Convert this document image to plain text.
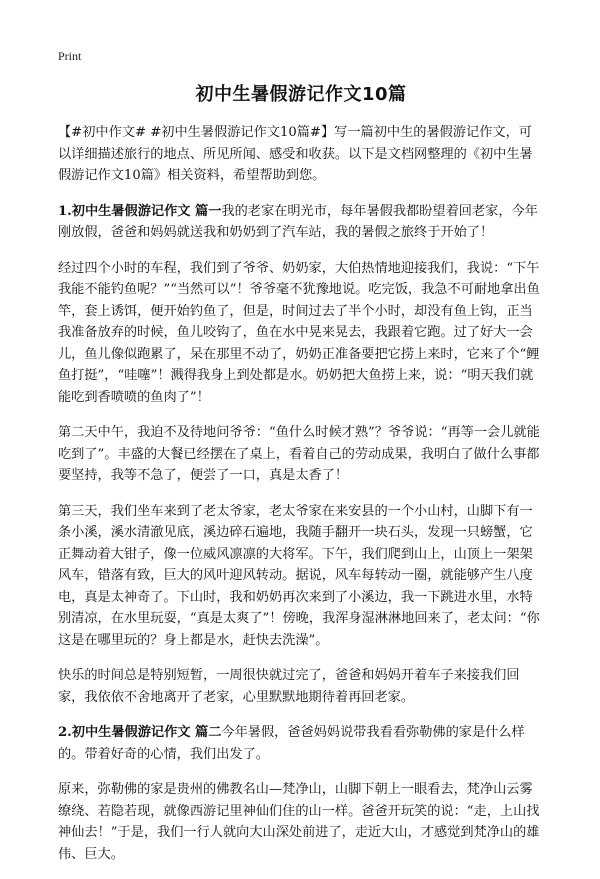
Print
初中生暑假游记作文10篇

【#初中作文# #初中生暑假游记作文10篇#】写一篇初中生的暑假游记作文，可以详细描述旅行的地点、所见所闻、感受和收获。以下是文档网整理的《初中生暑假游记作文10篇》相关资料，希望帮助到您。

1.初中生暑假游记作文 篇一我的老家在明光市，每年暑假我都盼望着回老家，今年刚放假，爸爸和妈妈就送我和奶奶到了汽车站，我的暑假之旅终于开始了！

经过四个小时的车程，我们到了爷爷、奶奶家，大伯热情地迎接我们，我说：“下午我能不能钓鱼呢？”“当然可以”！爷爷毫不犹豫地说。吃完饭，我急不可耐地拿出鱼竿，套上诱饵，便开始钓鱼了，但是，时间过去了半个小时，却没有鱼上钩，正当我准备放弃的时候，鱼儿咬钩了，鱼在水中晃来晃去，我跟着它跑。过了好大一会儿，鱼儿像似跑累了，呆在那里不动了，奶奶正准备要把它捞上来时，它来了个“鲤鱼打挺”，“哇噻”！溅得我身上到处都是水。奶奶把大鱼捞上来，说：“明天我们就能吃到香喷喷的鱼肉了”！

第二天中午，我迫不及待地问爷爷：“鱼什么时候才熟”？爷爷说：“再等一会儿就能吃到了”。丰盛的大餐已经摆在了桌上，看着自己的劳动成果，我明白了做什么事都要坚持，我等不急了，便尝了一口，真是太香了！

第三天，我们坐车来到了老太爷家，老太爷家在来安县的一个小山村，山脚下有一条小溪，溪水清澈见底，溪边碎石遍地，我随手翻开一块石头，发现一只螃蟹，它正舞动着大钳子，像一位威风凛凛的大将军。下午，我们爬到山上，山顶上一架架风车，错落有致，巨大的风叶迎风转动。据说，风车每转动一圈，就能够产生八度电，真是太神奇了。下山时，我和奶奶再次来到了小溪边，我一下跳进水里，水特别清凉，在水里玩耍，“真是太爽了”！傍晚，我浑身湿淋淋地回来了，老太问：“你这是在哪里玩的？身上都是水，赶快去洗澡”。

快乐的时间总是特别短暂，一周很快就过完了，爸爸和妈妈开着车子来接我们回家，我依依不舍地离开了老家，心里默默地期待着再回老家。

2.初中生暑假游记作文 篇二今年暑假，爸爸妈妈说带我看看弥勒佛的家是什么样的。带着好奇的心情，我们出发了。

原来，弥勒佛的家是贵州的佛教名山—梵净山，山脚下朝上一眼看去，梵净山云雾缭绕、若隐若现，就像西游记里神仙们住的山一样。爸爸开玩笑的说：“走，上山找神仙去！”于是，我们一行人就向大山深处前进了，走近大山，才感觉到梵净山的雄伟、巨大。
